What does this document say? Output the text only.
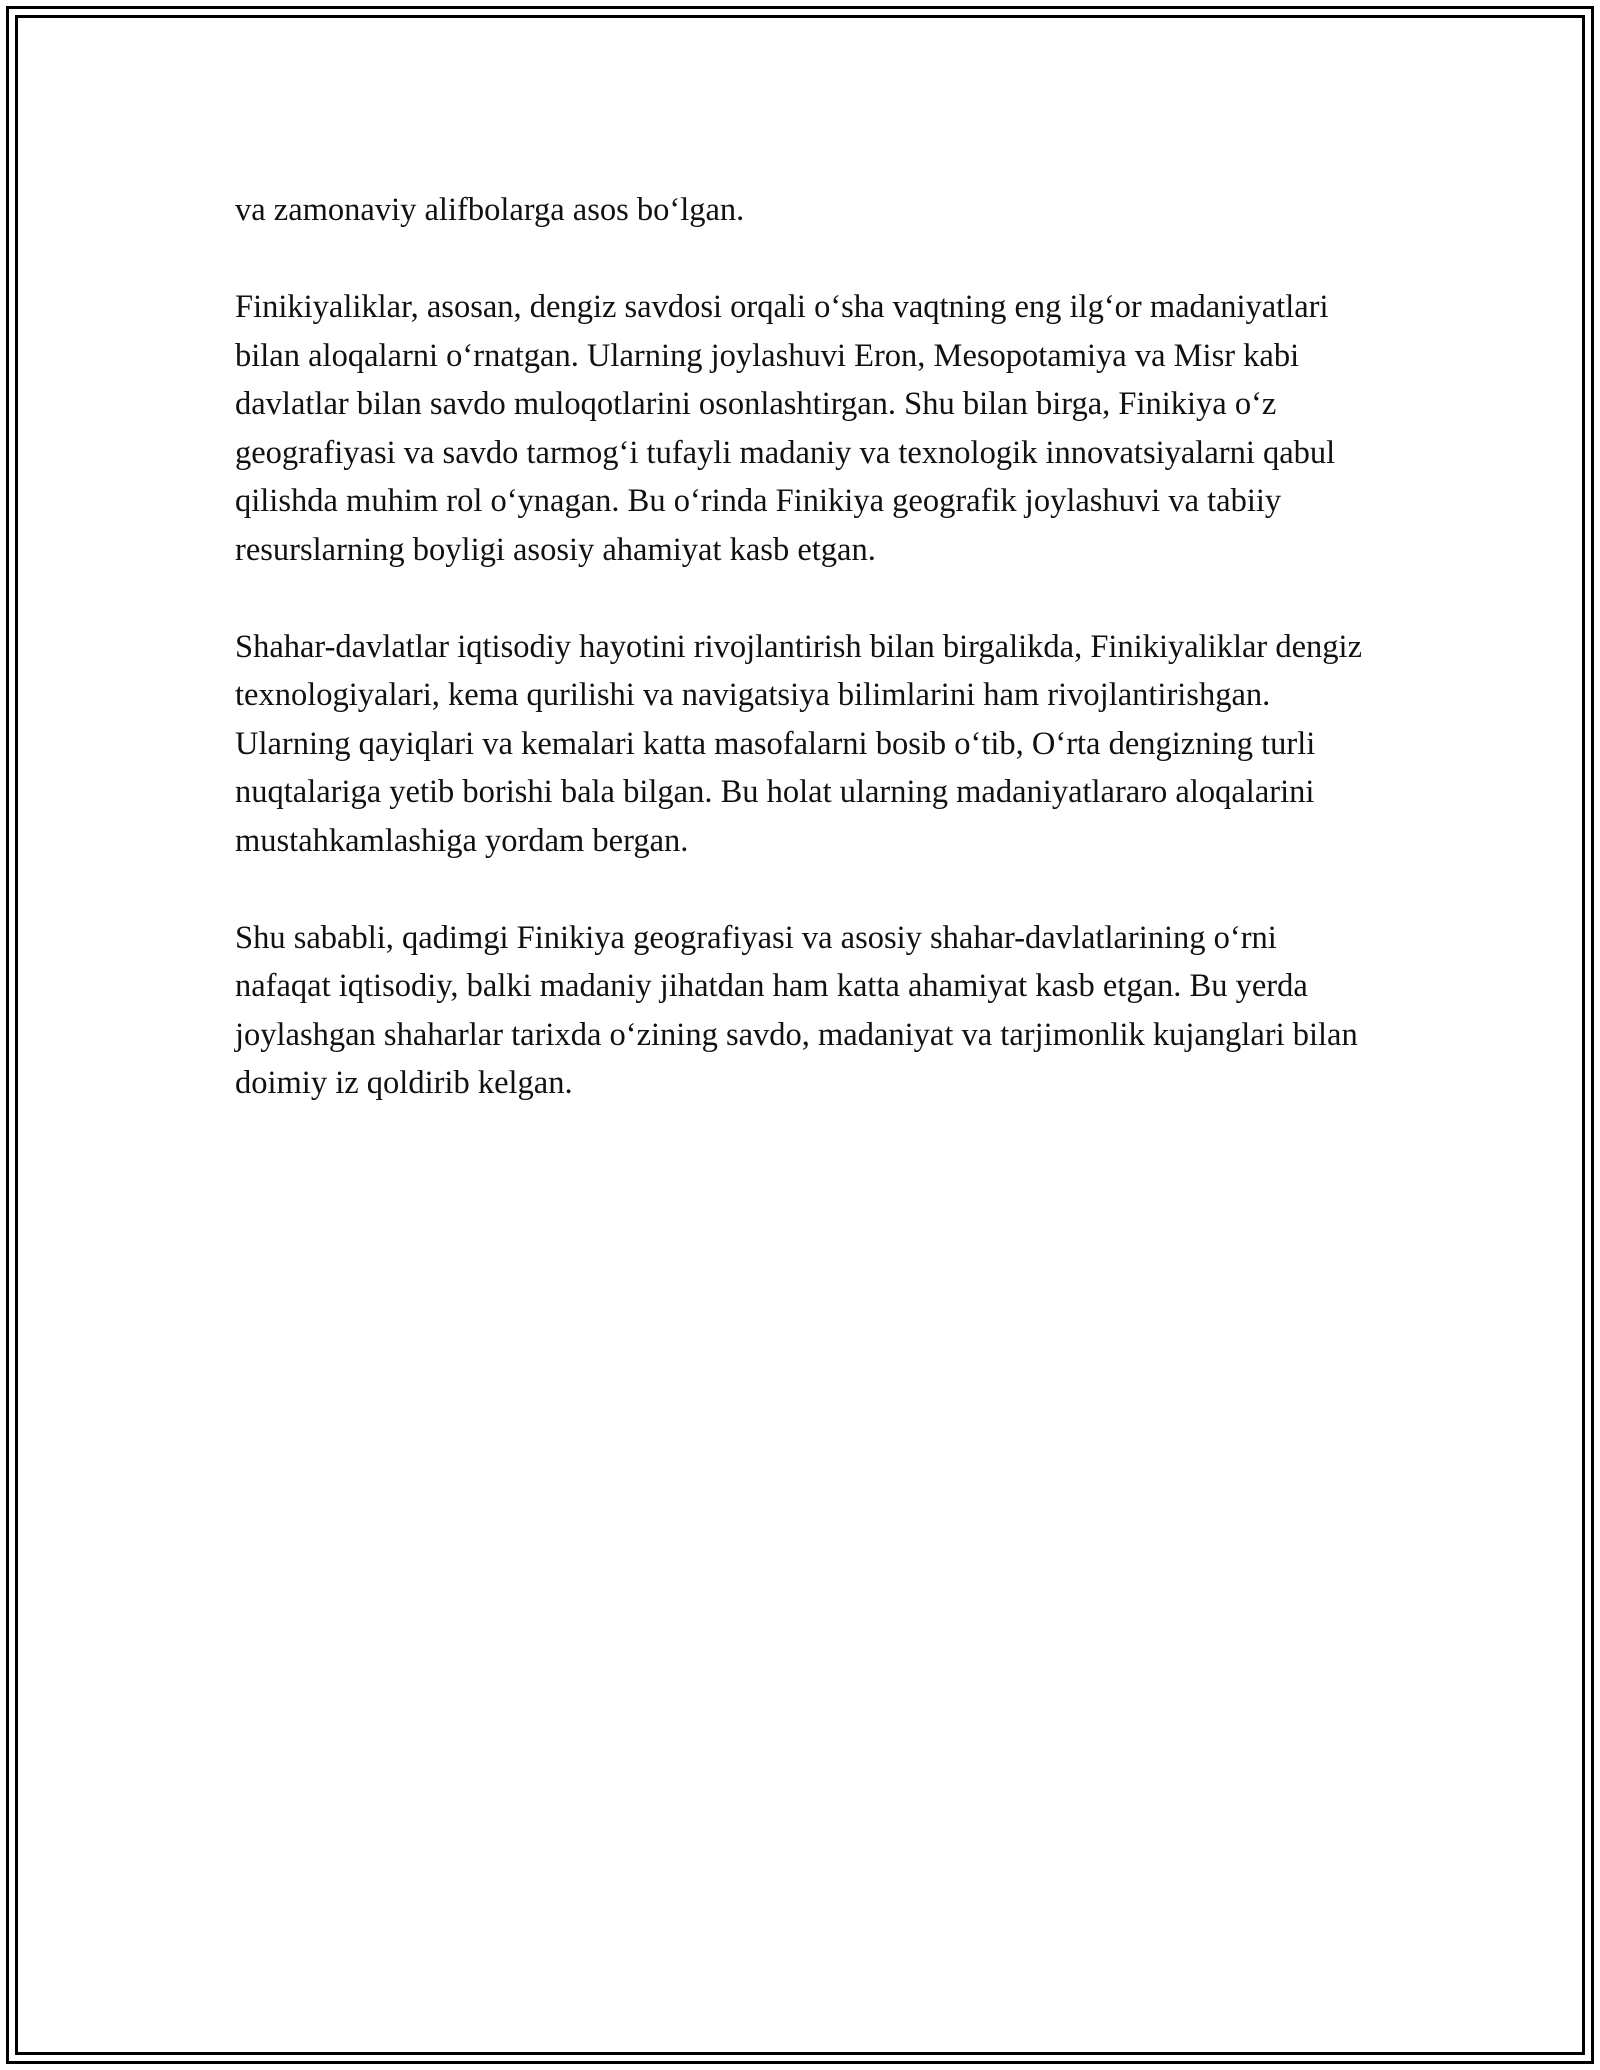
va zamonaviy alifbolarga asos bo‘lgan.

Finikiyaliklar, asosan, dengiz savdosi orqali o‘sha vaqtning eng ilg‘or madaniyatlari bilan aloqalarni o‘rnatgan. Ularning joylashuvi Eron, Mesopotamiya va Misr kabi davlatlar bilan savdo muloqotlarini osonlashtirgan. Shu bilan birga, Finikiya o‘z geografiyasi va savdo tarmog‘i tufayli madaniy va texnologik innovatsiyalarni qabul qilishda muhim rol o‘ynagan. Bu o‘rinda Finikiya geografik joylashuvi va tabiiy resurslarning boyligi asosiy ahamiyat kasb etgan.

Shahar-davlatlar iqtisodiy hayotini rivojlantirish bilan birgalikda, Finikiyaliklar dengiz texnologiyalari, kema qurilishi va navigatsiya bilimlarini ham rivojlantirishgan. Ularning qayiqlari va kemalari katta masofalarni bosib o‘tib, O‘rta dengizning turli nuqtalariga yetib borishi bala bilgan. Bu holat ularning madaniyatlararo aloqalarini mustahkamlashiga yordam bergan.

Shu sababli, qadimgi Finikiya geografiyasi va asosiy shahar-davlatlarining o‘rni nafaqat iqtisodiy, balki madaniy jihatdan ham katta ahamiyat kasb etgan. Bu yerda joylashgan shaharlar tarixda o‘zining savdo, madaniyat va tarjimonlik kujanglari bilan doimiy iz qoldirib kelgan.
